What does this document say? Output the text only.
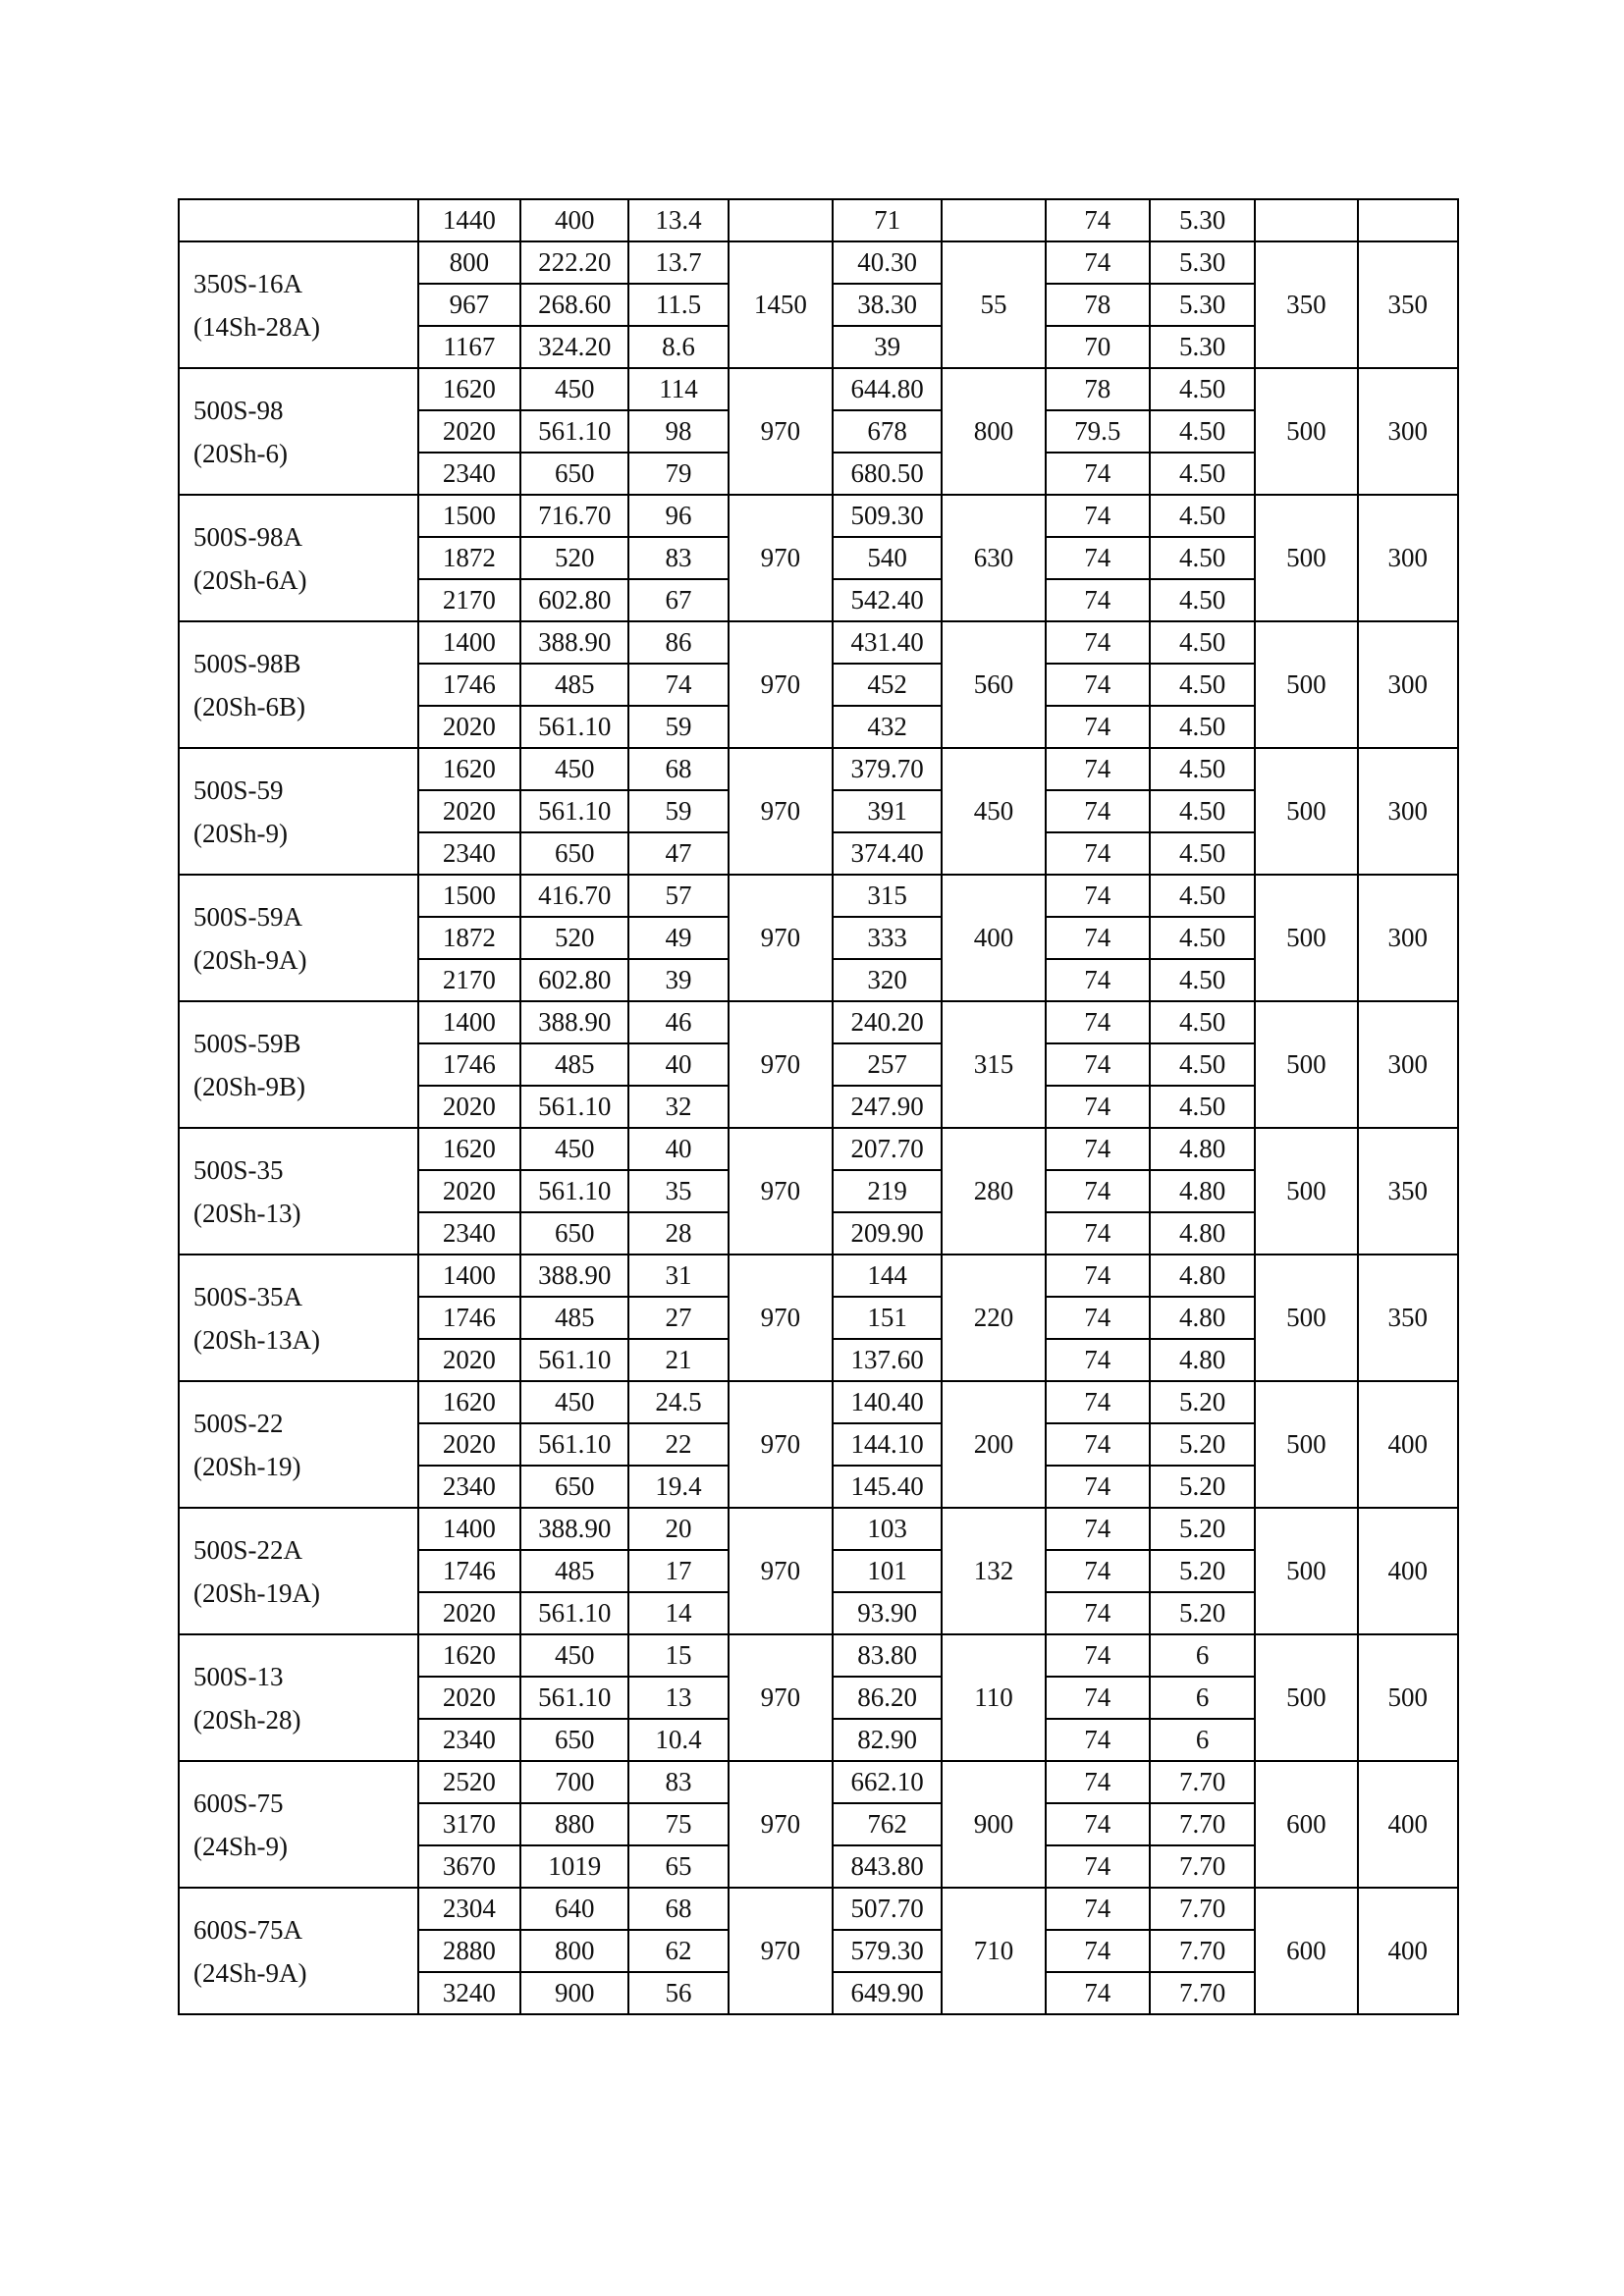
	1440	400	13.4		71		74	5.30		

350S-16A
(14Sh-28A)	800	222.20	13.7	1450	40.30	55	74	5.30	350	350
	967	268.60	11.5		38.30		78	5.30		
	1167	324.20	8.6		39		70	5.30		

500S-98
(20Sh-6)	1620	450	114	970	644.80	800	78	4.50	500	300
	2020	561.10	98		678		79.5	4.50		
	2340	650	79		680.50		74	4.50		

500S-98A
(20Sh-6A)	1500	716.70	96	970	509.30	630	74	4.50	500	300
	1872	520	83		540		74	4.50		
	2170	602.80	67		542.40		74	4.50		

500S-98B
(20Sh-6B)	1400	388.90	86	970	431.40	560	74	4.50	500	300
	1746	485	74		452		74	4.50		
	2020	561.10	59		432		74	4.50		

500S-59
(20Sh-9)	1620	450	68	970	379.70	450	74	4.50	500	300
	2020	561.10	59		391		74	4.50		
	2340	650	47		374.40		74	4.50		

500S-59A
(20Sh-9A)	1500	416.70	57	970	315	400	74	4.50	500	300
	1872	520	49		333		74	4.50		
	2170	602.80	39		320		74	4.50		

500S-59B
(20Sh-9B)	1400	388.90	46	970	240.20	315	74	4.50	500	300
	1746	485	40		257		74	4.50		
	2020	561.10	32		247.90		74	4.50		

500S-35
(20Sh-13)	1620	450	40	970	207.70	280	74	4.80	500	350
	2020	561.10	35		219		74	4.80		
	2340	650	28		209.90		74	4.80		

500S-35A
(20Sh-13A)	1400	388.90	31	970	144	220	74	4.80	500	350
	1746	485	27		151		74	4.80		
	2020	561.10	21		137.60		74	4.80		

500S-22
(20Sh-19)	1620	450	24.5	970	140.40	200	74	5.20	500	400
	2020	561.10	22		144.10		74	5.20		
	2340	650	19.4		145.40		74	5.20		

500S-22A
(20Sh-19A)	1400	388.90	20	970	103	132	74	5.20	500	400
	1746	485	17		101		74	5.20		
	2020	561.10	14		93.90		74	5.20		

500S-13
(20Sh-28)	1620	450	15	970	83.80	110	74	6	500	500
	2020	561.10	13		86.20		74	6		
	2340	650	10.4		82.90		74	6		

600S-75
(24Sh-9)	2520	700	83	970	662.10	900	74	7.70	600	400
	3170	880	75		762		74	7.70		
	3670	1019	65		843.80		74	7.70		

600S-75A
(24Sh-9A)	2304	640	68	970	507.70	710	74	7.70	600	400
	2880	800	62		579.30		74	7.70		
	3240	900	56		649.90		74	7.70		
